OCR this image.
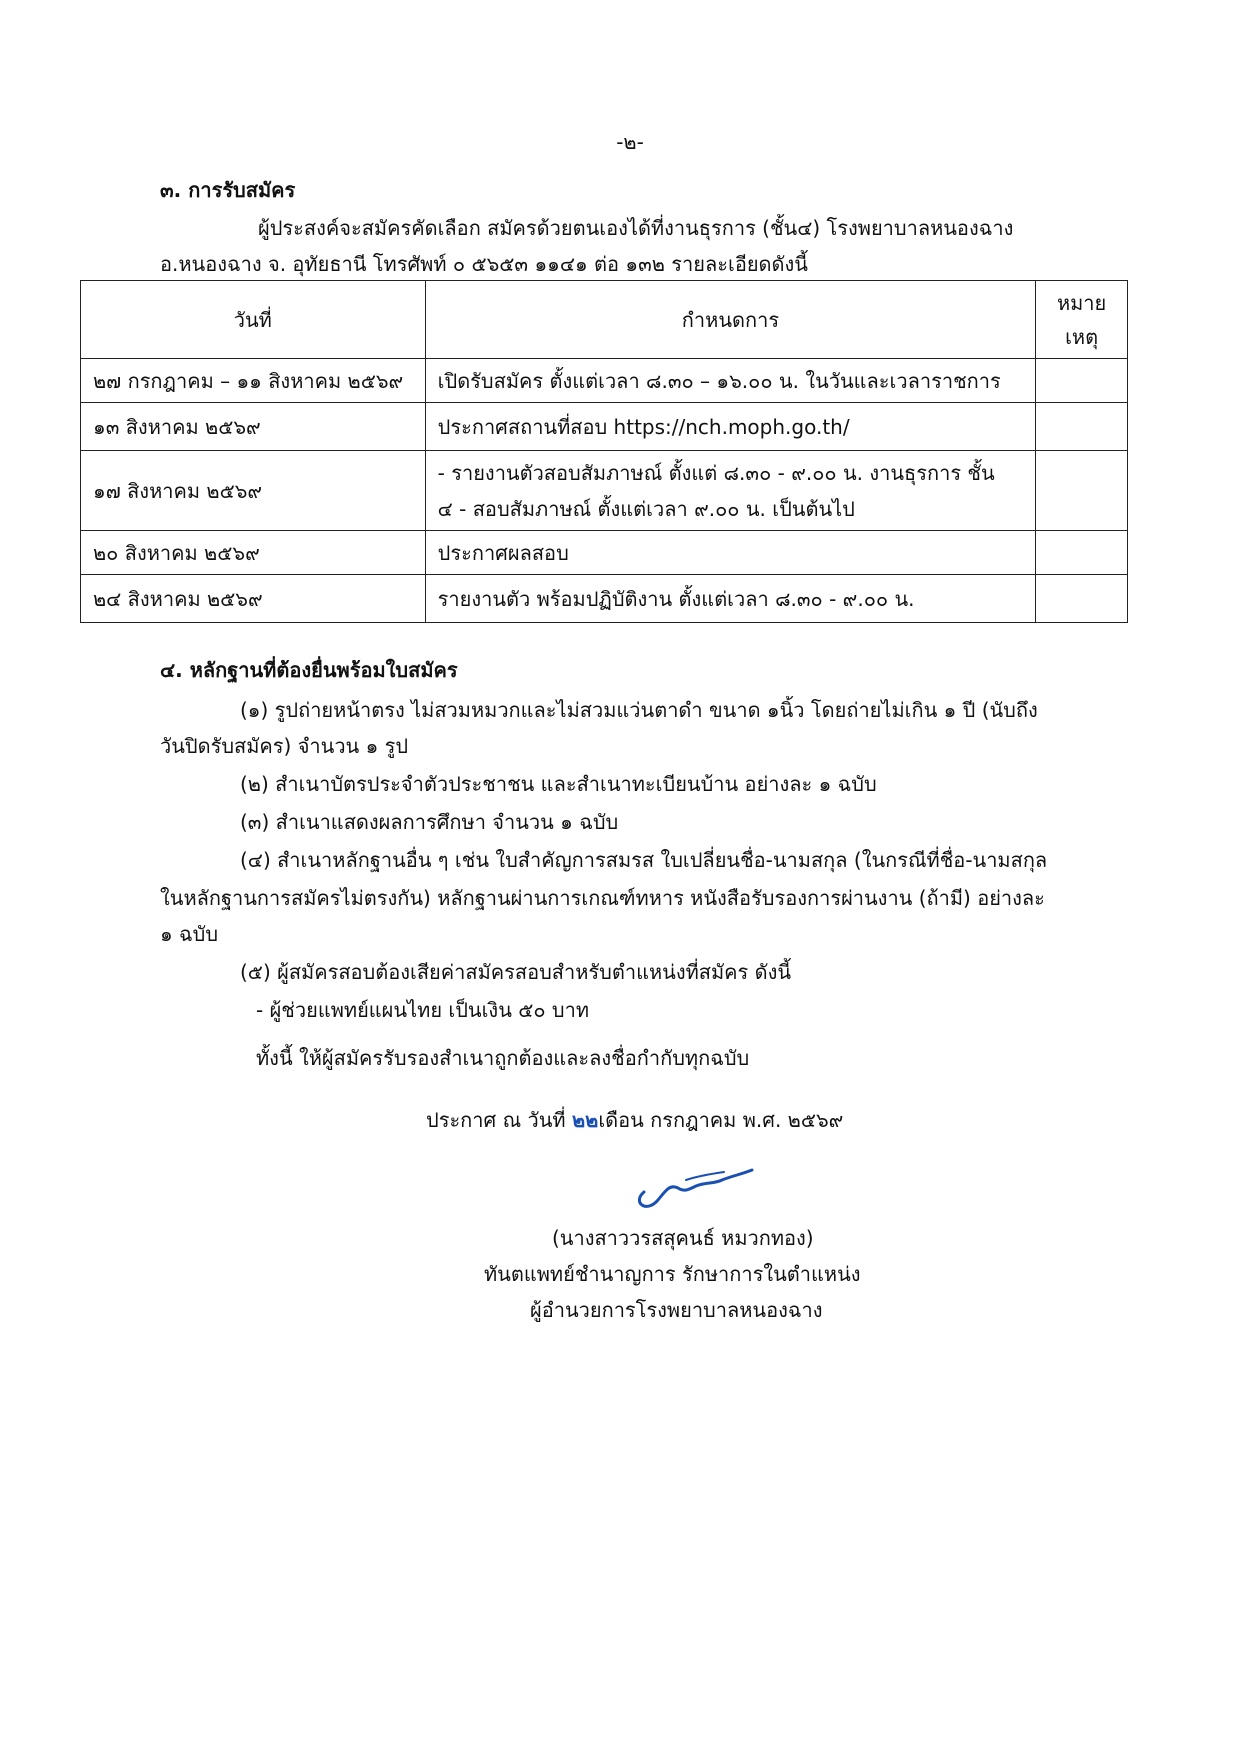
-๒-
๓. การรับสมัคร
ผู้ประสงค์จะสมัครคัดเลือก สมัครด้วยตนเองได้ที่งานธุรการ (ชั้น๔) โรงพยาบาลหนองฉาง
อ.หนองฉาง จ. อุทัยธานี โทรศัพท์ ๐ ๕๖๕๓ ๑๑๔๑ ต่อ ๑๓๒ รายละเอียดดังนี้
วันที่	กำหนดการ	หมาย
เหตุ

๒๗ กรกฎาคม – ๑๑ สิงหาคม ๒๕๖๙	เปิดรับสมัคร ตั้งแต่เวลา ๘.๓๐ – ๑๖.๐๐ น. ในวันและเวลาราชการ	
๑๓ สิงหาคม ๒๕๖๙	ประกาศสถานที่สอบ https://nch.moph.go.th/	
๑๗ สิงหาคม ๒๕๖๙	- รายงานตัวสอบสัมภาษณ์ ตั้งแต่ ๘.๓๐ - ๙.๐๐ น. งานธุรการ ชั้น
๔ - สอบสัมภาษณ์ ตั้งแต่เวลา ๙.๐๐ น. เป็นต้นไป	

๒๐ สิงหาคม ๒๕๖๙	ประกาศผลสอบ	
๒๔ สิงหาคม ๒๕๖๙	รายงานตัว พร้อมปฏิบัติงาน ตั้งแต่เวลา ๘.๓๐ - ๙.๐๐ น.	
๔. หลักฐานที่ต้องยื่นพร้อมใบสมัคร
(๑) รูปถ่ายหน้าตรง ไม่สวมหมวกและไม่สวมแว่นตาดำ ขนาด ๑นิ้ว โดยถ่ายไม่เกิน ๑ ปี (นับถึง
วันปิดรับสมัคร) จำนวน ๑ รูป
(๒) สำเนาบัตรประจำตัวประชาชน และสำเนาทะเบียนบ้าน อย่างละ ๑ ฉบับ
(๓) สำเนาแสดงผลการศึกษา จำนวน ๑ ฉบับ
(๔) สำเนาหลักฐานอื่น ๆ เช่น ใบสำคัญการสมรส ใบเปลี่ยนชื่อ-นามสกุล (ในกรณีที่ชื่อ-นามสกุล
ในหลักฐานการสมัครไม่ตรงกัน) หลักฐานผ่านการเกณฑ์ทหาร หนังสือรับรองการผ่านงาน (ถ้ามี) อย่างละ
๑ ฉบับ
(๕) ผู้สมัครสอบต้องเสียค่าสมัครสอบสำหรับตำแหน่งที่สมัคร ดังนี้
- ผู้ช่วยแพทย์แผนไทย เป็นเงิน ๕๐ บาท
ทั้งนี้ ให้ผู้สมัครรับรองสำเนาถูกต้องและลงชื่อกำกับทุกฉบับ
ประกาศ ณ วันที่ ๒๒เดือน กรกฎาคม พ.ศ. ๒๕๖๙
(นางสาววรสสุคนธ์ หมวกทอง)
ทันตแพทย์ชำนาญการ รักษาการในตำแหน่ง
ผู้อำนวยการโรงพยาบาลหนองฉาง
